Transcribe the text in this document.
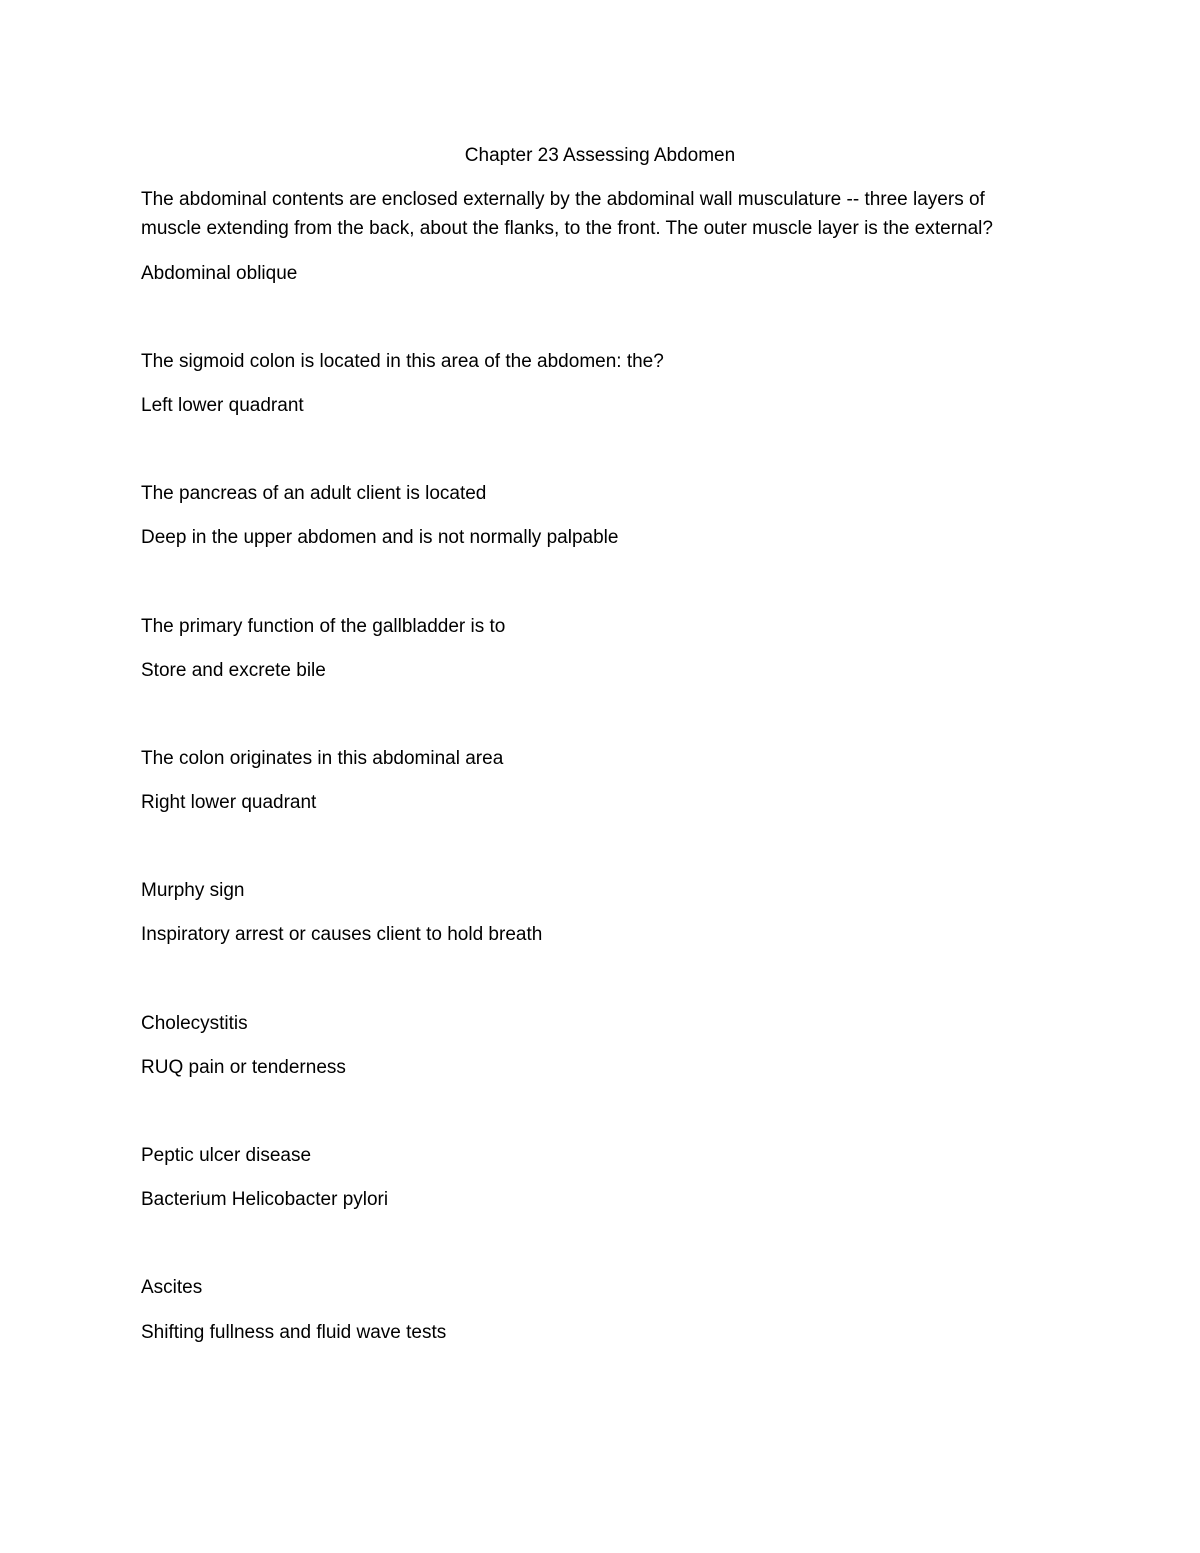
Chapter 23 Assessing Abdomen
The abdominal contents are enclosed externally by the abdominal wall musculature -- three layers of
muscle extending from the back, about the flanks, to the front. The outer muscle layer is the external?
Abdominal oblique
The sigmoid colon is located in this area of the abdomen: the?
Left lower quadrant
The pancreas of an adult client is located
Deep in the upper abdomen and is not normally palpable
The primary function of the gallbladder is to
Store and excrete bile
The colon originates in this abdominal area
Right lower quadrant
Murphy sign
Inspiratory arrest or causes client to hold breath
Cholecystitis
RUQ pain or tenderness
Peptic ulcer disease
Bacterium Helicobacter pylori
Ascites
Shifting fullness and fluid wave tests
